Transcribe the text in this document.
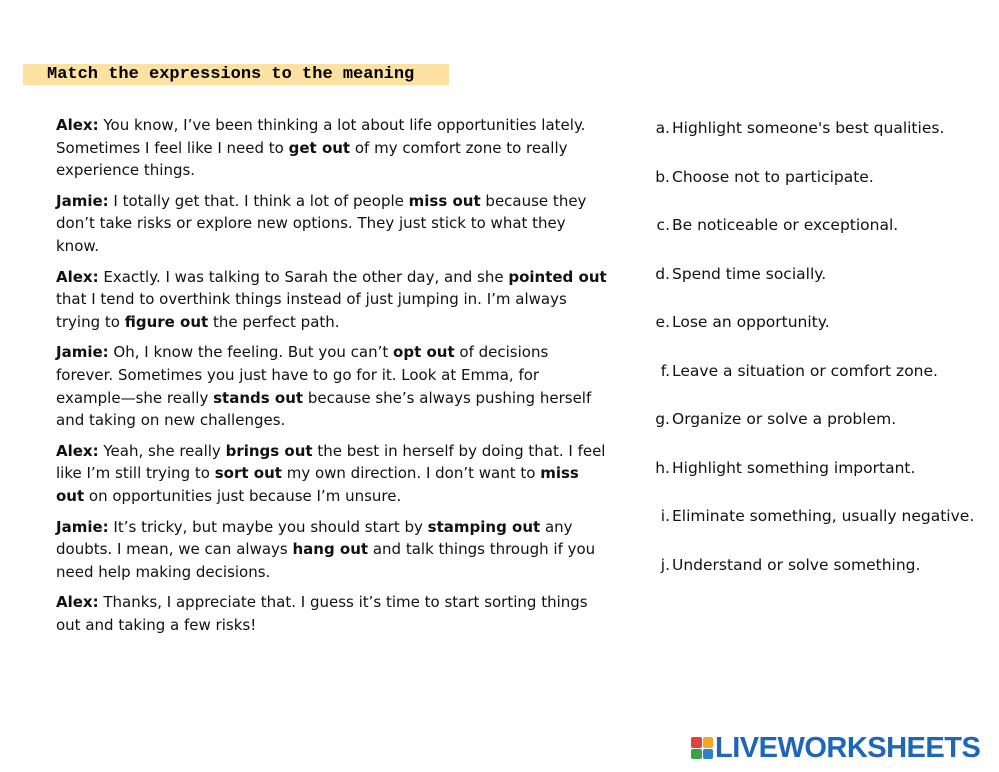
Match the expressions to the meaning

Alex: You know, I’ve been thinking a lot about life opportunities lately. Sometimes I feel like I need to get out of my comfort zone to really experience things.

Jamie: I totally get that. I think a lot of people miss out because they don’t take risks or explore new options. They just stick to what they know.

Alex: Exactly. I was talking to Sarah the other day, and she pointed out that I tend to overthink things instead of just jumping in. I’m always trying to figure out the perfect path.

Jamie: Oh, I know the feeling. But you can’t opt out of decisions forever. Sometimes you just have to go for it. Look at Emma, for example—she really stands out because she’s always pushing herself and taking on new challenges.

Alex: Yeah, she really brings out the best in herself by doing that. I feel like I’m still trying to sort out my own direction. I don’t want to miss out on opportunities just because I’m unsure.

Jamie: It’s tricky, but maybe you should start by stamping out any doubts. I mean, we can always hang out and talk things through if you need help making decisions.

Alex: Thanks, I appreciate that. I guess it’s time to start sorting things out and taking a few risks!

a. Highlight someone's best qualities.
b. Choose not to participate.
c. Be noticeable or exceptional.
d. Spend time socially.
e. Lose an opportunity.
f. Leave a situation or comfort zone.
g. Organize or solve a problem.
h. Highlight something important.
i. Eliminate something, usually negative.
j. Understand or solve something.
LIVEWORKSHEETS
